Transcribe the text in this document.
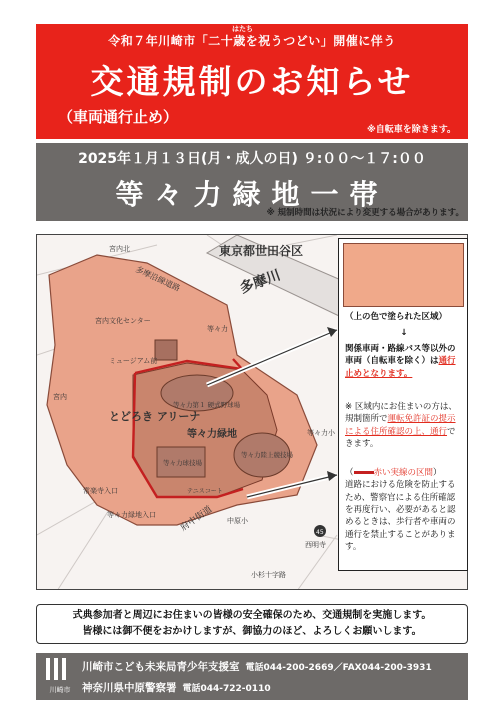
はたち
令和７年川崎市「二十歳を祝うつどい」開催に伴う
交通規制のお知らせ
（車両通行止め）
※自転車を除きます。
2025年１月１３日(月・成人の日) ９:００～１７:００
等々力緑地一帯
※ 規制時間は状況により変更する場合があります。
東京都世田谷区
多摩川
多摩沿線道路
宮内北
宮内
宮内文化センター
等々力
ミュージアム前
とどろき アリーナ
等々力緑地
等々力第１ 硬式野球場
等々力陸上競技場
等々力球技場
テニスコート
等々力小
常楽寺入口
等々力緑地入口	府中街道 中原小
西明寺
小杉十字路
45
（上の色で塗られた区域）
↓
関係車両・路線バス等以外の車両（自転車を除く）は通行止めとなります。
※ 区域内にお住まいの方は、規制箇所で運転免許証の提示による住所確認の上、通行できます。
（ 赤い実線の区間）
道路における危険を防止するため、警察官による住所確認を再度行い、必要があると認めるときは、歩行者や車両の通行を禁止することがあります。
式典参加者と周辺にお住まいの皆様の安全確保のため、交通規制を実施します。
皆様には御不便をおかけしますが、御協力のほど、よろしくお願いします。
川崎市
川崎市こども未来局青少年支援室 電話044-200-2669／FAX044-200-3931
神奈川県中原警察署 電話044-722-0110
